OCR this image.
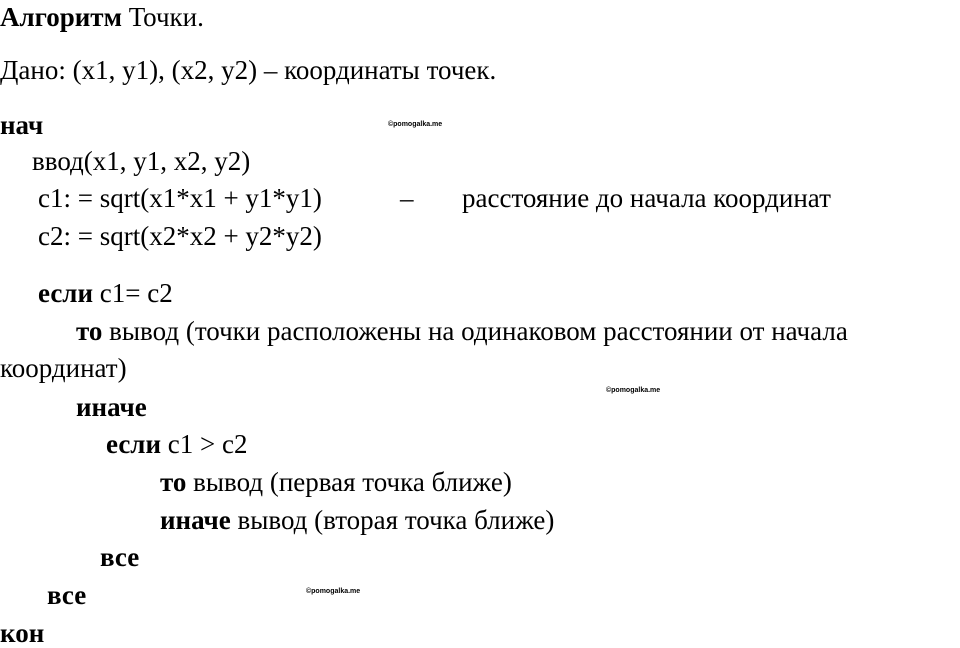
Алгоритм Точки.
Дано: (x1, y1), (x2, y2) – координаты точек.
нач
ввод(x1, y1, x2, y2)
c1: = sqrt(x1*x1 + y1*y1)	– расстояние до начала координат
c2: = sqrt(x2*x2 + y2*y2)
если c1= c2
то вывод (точки расположены на одинаковом расстоянии от начала
координат)
иначе
если c1 > c2
то вывод (первая точка ближе)
иначе вывод (вторая точка ближе)
все
все
кон
©pomogalka.me
©pomogalka.me
©pomogalka.me
